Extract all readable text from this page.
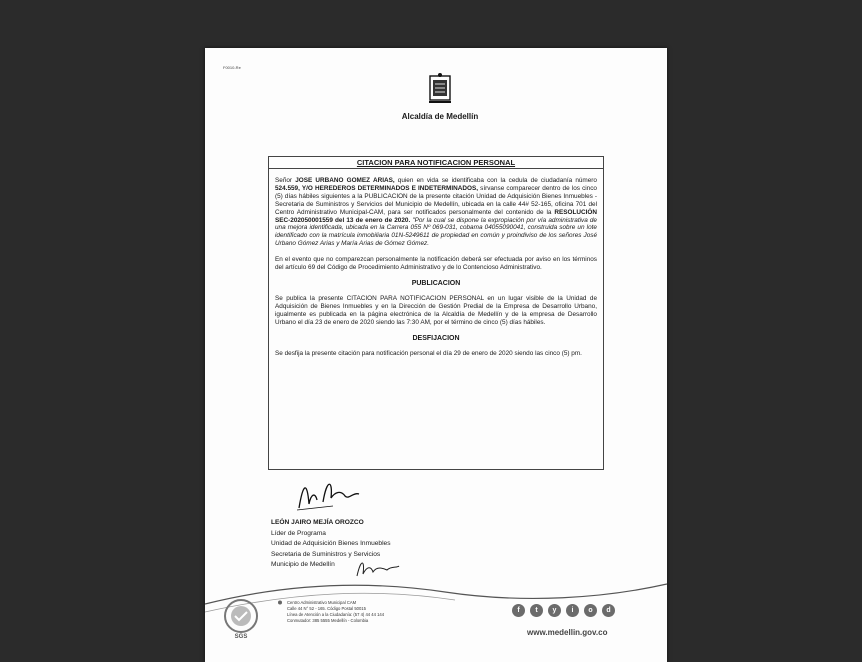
F0010-Re
Alcaldía de Medellín
CITACION PARA NOTIFICACION PERSONAL
Señor JOSE URBANO GOMEZ ARIAS, quien en vida se identificaba con la cedula de ciudadanía número 524.559, Y/O HEREDEROS DETERMINADOS E INDETERMINADOS, sírvanse comparecer dentro de los cinco (5) días hábiles siguientes a la PUBLICACION de la presente citación Unidad de Adquisición Bienes Inmuebles - Secretaria de Suministros y Servicios del Municipio de Medellín, ubicada en la calle 44# 52-165, oficina 701 del Centro Administrativo Municipal-CAM, para ser notificados personalmente del contenido de la RESOLUCIÓN SEC-202050001559 del 13 de enero de 2020. "Por la cual se dispone la expropiación por vía administrativa de una mejora identificada, ubicada en la Carrera 055 Nº 069-031, cobama 04055090041, construida sobre un lote identificado con la matrícula inmobiliaria 01N-5249611 de propiedad en común y proindiviso de los señores José Urbano Gómez Arias y María Arias de Gómez Gómez.
En el evento que no comparezcan personalmente la notificación deberá ser efectuada por aviso en los términos del artículo 69 del Código de Procedimiento Administrativo y de lo Contencioso Administrativo.
PUBLICACION
Se publica la presente CITACION PARA NOTIFICACION PERSONAL en un lugar visible de la Unidad de Adquisición de Bienes Inmuebles y en la Dirección de Gestión Predial de la Empresa de Desarrollo Urbano, igualmente es publicada en la página electrónica de la Alcaldía de Medellín y de la empresa de Desarrollo Urbano el día 23 de enero de 2020 siendo las 7:30 AM, por el término de cinco (5) días hábiles.
DESFIJACION
Se desfija la presente citación para notificación personal el día 29 de enero de 2020 siendo las cinco (5) pm.
LEÓN JAIRO MEJÍA OROZCO
Líder de Programa
Unidad de Adquisición Bienes Inmuebles
Secretaria de Suministros y Servicios
Municipio de Medellín
SGS
Centro Administrativo Municipal CAM
Calle 44 N° 52 - 165. Código Postal 50015
Línea de Atención a la Ciudadanía: (57 4) 44 44 144
Conmutador: 385 5555 Medellín - Colombia
f	t	y	i	o	d
www.medellin.gov.co
